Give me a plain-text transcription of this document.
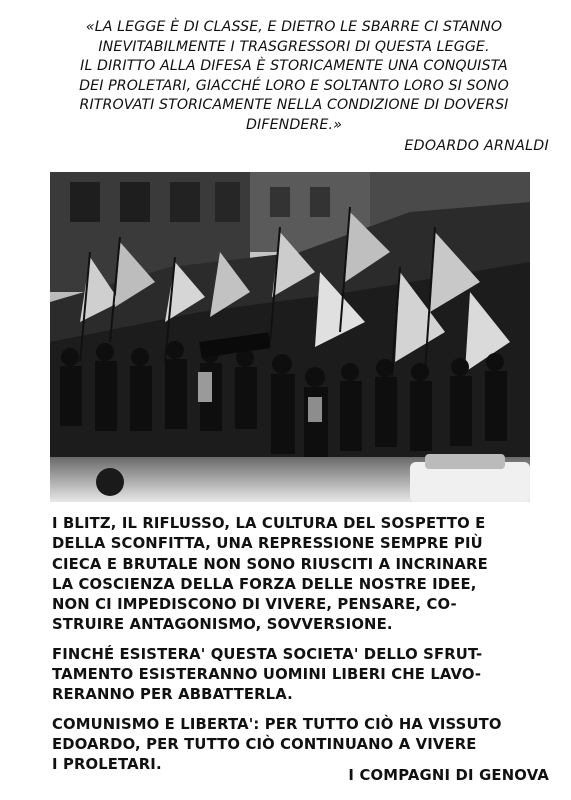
«LA LEGGE È DI CLASSE, E DIETRO LE SBARRE CI STANNO
INEVITABILMENTE I TRASGRESSORI DI QUESTA LEGGE.
IL DIRITTO ALLA DIFESA È STORICAMENTE UNA CONQUISTA
DEI PROLETARI, GIACCHÉ LORO E SOLTANTO LORO SI SONO
RITROVATI STORICAMENTE NELLA CONDIZIONE DI DOVERSI
DIFENDERE.»
EDOARDO ARNALDI
I BLITZ, IL RIFLUSSO, LA CULTURA DEL SOSPETTO E
DELLA SCONFITTA, UNA REPRESSIONE SEMPRE PIÙ
CIECA E BRUTALE NON SONO RIUSCITI A INCRINARE
LA COSCIENZA DELLA FORZA DELLE NOSTRE IDEE,
NON CI IMPEDISCONO DI VIVERE, PENSARE, CO-
STRUIRE ANTAGONISMO, SOVVERSIONE.
FINCHÉ ESISTERA' QUESTA SOCIETA' DELLO SFRUT-
TAMENTO ESISTERANNO UOMINI LIBERI CHE LAVO-
RERANNO PER ABBATTERLA.
COMUNISMO E LIBERTA': PER TUTTO CIÒ HA VISSUTO
EDOARDO, PER TUTTO CIÒ CONTINUANO A VIVERE
I PROLETARI.
I COMPAGNI DI GENOVA
